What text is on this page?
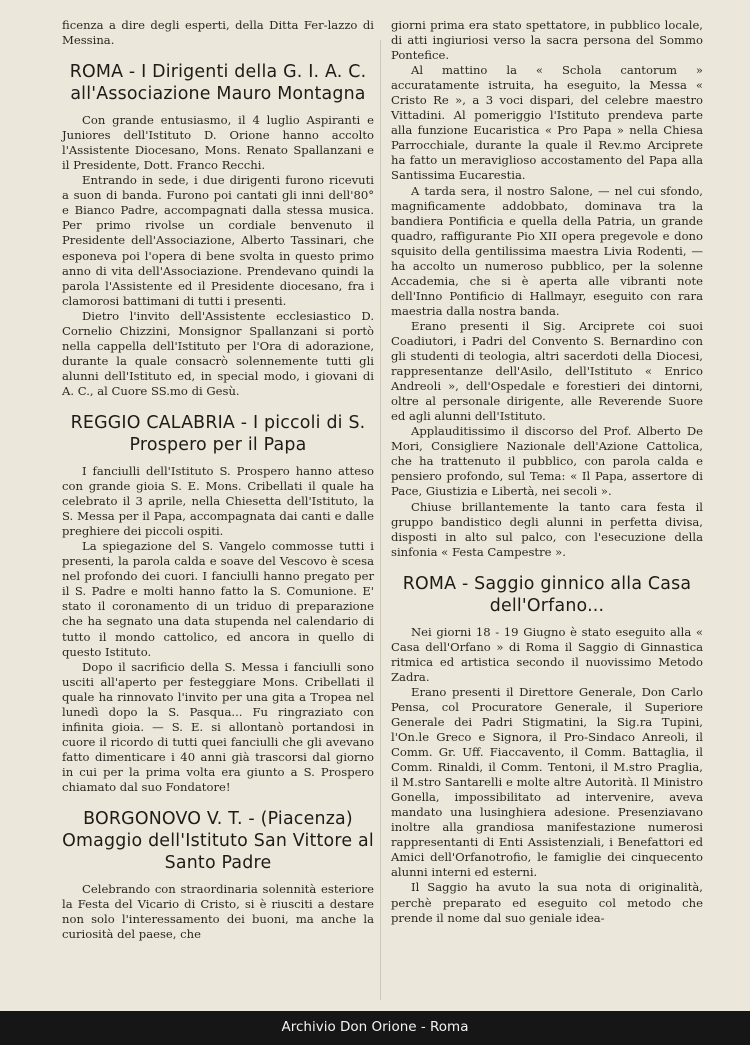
ficenza a dire degli esperti, della Ditta Fer-lazzo di Messina.

ROMA - I Dirigenti della G. I. A. C. all'Associazione Mauro Montagna

Con grande entusiasmo, il 4 luglio Aspiranti e Juniores dell'Istituto D. Orione hanno accolto l'Assistente Diocesano, Mons. Renato Spallanzani e il Presidente, Dott. Franco Recchi.

Entrando in sede, i due dirigenti furono ricevuti a suon di banda. Furono poi cantati gli inni dell'80° e Bianco Padre, accompagnati dalla stessa musica. Per primo rivolse un cordiale benvenuto il Presidente dell'Associazione, Alberto Tassinari, che esponeva poi l'opera di bene svolta in questo primo anno di vita dell'Associazione. Prendevano quindi la parola l'Assistente ed il Presidente diocesano, fra i clamorosi battimani di tutti i presenti.

Dietro l'invito dell'Assistente ecclesiastico D. Cornelio Chizzini, Monsignor Spallanzani si portò nella cappella dell'Istituto per l'Ora di adorazione, durante la quale consacrò solennemente tutti gli alunni dell'Istituto ed, in special modo, i giovani di A. C., al Cuore SS.mo di Gesù.

REGGIO CALABRIA - I piccoli di S. Prospero per il Papa

I fanciulli dell'Istituto S. Prospero hanno atteso con grande gioia S. E. Mons. Cribellati il quale ha celebrato il 3 aprile, nella Chiesetta dell'Istituto, la S. Messa per il Papa, accompagnata dai canti e dalle preghiere dei piccoli ospiti.

La spiegazione del S. Vangelo commosse tutti i presenti, la parola calda e soave del Vescovo è scesa nel profondo dei cuori. I fanciulli hanno pregato per il S. Padre e molti hanno fatto la S. Comunione. E' stato il coronamento di un triduo di preparazione che ha segnato una data stupenda nel calendario di tutto il mondo cattolico, ed ancora in quello di questo Istituto.

Dopo il sacrificio della S. Messa i fanciulli sono usciti all'aperto per festeggiare Mons. Cribellati il quale ha rinnovato l'invito per una gita a Tropea nel lunedì dopo la S. Pasqua... Fu ringraziato con infinita gioia. — S. E. si allontanò portandosi in cuore il ricordo di tutti quei fanciulli che gli avevano fatto dimenticare i 40 anni già trascorsi dal giorno in cui per la prima volta era giunto a S. Prospero chiamato dal suo Fondatore!

BORGONOVO V. T. - (Piacenza) Omaggio dell'Istituto San Vittore al Santo Padre

Celebrando con straordinaria solennità esteriore la Festa del Vicario di Cristo, si è riusciti a destare non solo l'interessamento dei buoni, ma anche la curiosità del paese, che

giorni prima era stato spettatore, in pubblico locale, di atti ingiuriosi verso la sacra persona del Sommo Pontefice.

Al mattino la « Schola cantorum » accuratamente istruita, ha eseguito, la Messa « Cristo Re », a 3 voci dispari, del celebre maestro Vittadini. Al pomeriggio l'Istituto prendeva parte alla funzione Eucaristica « Pro Papa » nella Chiesa Parrocchiale, durante la quale il Rev.mo Arciprete ha fatto un meraviglioso accostamento del Papa alla Santissima Eucarestia.

A tarda sera, il nostro Salone, — nel cui sfondo, magnificamente addobbato, dominava tra la bandiera Pontificia e quella della Patria, un grande quadro, raffigurante Pio XII opera pregevole e dono squisito della gentilissima maestra Livia Rodenti, — ha accolto un numeroso pubblico, per la solenne Accademia, che si è aperta alle vibranti note dell'Inno Pontificio di Hallmayr, eseguito con rara maestria dalla nostra banda.

Erano presenti il Sig. Arciprete coi suoi Coadiutori, i Padri del Convento S. Bernardino con gli studenti di teologia, altri sacerdoti della Diocesi, rappresentanze dell'Asilo, dell'Istituto « Enrico Andreoli », dell'Ospedale e forestieri dei dintorni, oltre al personale dirigente, alle Reverende Suore ed agli alunni dell'Istituto.

Applauditissimo il discorso del Prof. Alberto De Mori, Consigliere Nazionale dell'Azione Cattolica, che ha trattenuto il pubblico, con parola calda e pensiero profondo, sul Tema: « Il Papa, assertore di Pace, Giustizia e Libertà, nei secoli ».

Chiuse brillantemente la tanto cara festa il gruppo bandistico degli alunni in perfetta divisa, disposti in alto sul palco, con l'esecuzione della sinfonia « Festa Campestre ».

ROMA - Saggio ginnico alla Casa dell'Orfano...

Nei giorni 18 - 19 Giugno è stato eseguito alla « Casa dell'Orfano » di Roma il Saggio di Ginnastica ritmica ed artistica secondo il nuovissimo Metodo Zadra.

Erano presenti il Direttore Generale, Don Carlo Pensa, col Procuratore Generale, il Superiore Generale dei Padri Stigmatini, la Sig.ra Tupini, l'On.le Greco e Signora, il Pro-Sindaco Anreoli, il Comm. Gr. Uff. Fiaccavento, il Comm. Battaglia, il Comm. Rinaldi, il Comm. Tentoni, il M.stro Praglia, il M.stro Santarelli e molte altre Autorità. Il Ministro Gonella, impossibilitato ad intervenire, aveva mandato una lusinghiera adesione. Presenziavano inoltre alla grandiosa manifestazione numerosi rappresentanti di Enti Assistenziali, i Benefattori ed Amici dell'Orfanotrofio, le famiglie dei cinquecento alunni interni ed esterni.

Il Saggio ha avuto la sua nota di originalità, perchè preparato ed eseguito col metodo che prende il nome dal suo geniale idea-

Archivio Don Orione - Roma
